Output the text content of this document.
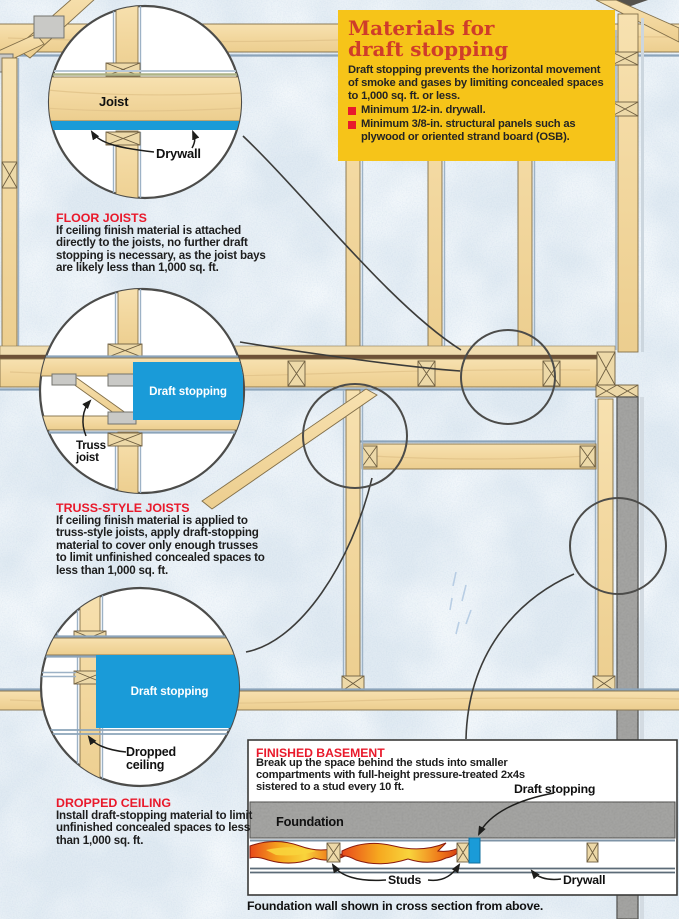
Materials for
draft stopping
Draft stopping prevents the horizontal movement of smoke and gases by limiting concealed spaces to 1,000 sq. ft. or less.
Minimum 1/2-in. drywall.
Minimum 3/8-in. structural panels such as plywood or oriented strand board (OSB).
Joist
Drywall
FLOOR JOISTS
If ceiling finish material is attached directly to the joists, no further draft stopping is necessary, as the joist bays are likely less than 1,000 sq. ft.
Draft stopping
Truss
joist
TRUSS-STYLE JOISTS
If ceiling finish material is applied to truss-style joists, apply draft-stopping material to cover only enough trusses to limit unfinished concealed spaces to less than 1,000 sq. ft.
Draft stopping
Dropped
ceiling
DROPPED CEILING
Install draft-stopping material to limit unfinished concealed spaces to less than 1,000 sq. ft.
FINISHED BASEMENT
Break up the space behind the studs into smaller compartments with full-height pressure-treated 2x4s sistered to a stud every 10 ft.	Draft stopping
Foundation
Studs	Drywall
Foundation wall shown in cross section from above.
